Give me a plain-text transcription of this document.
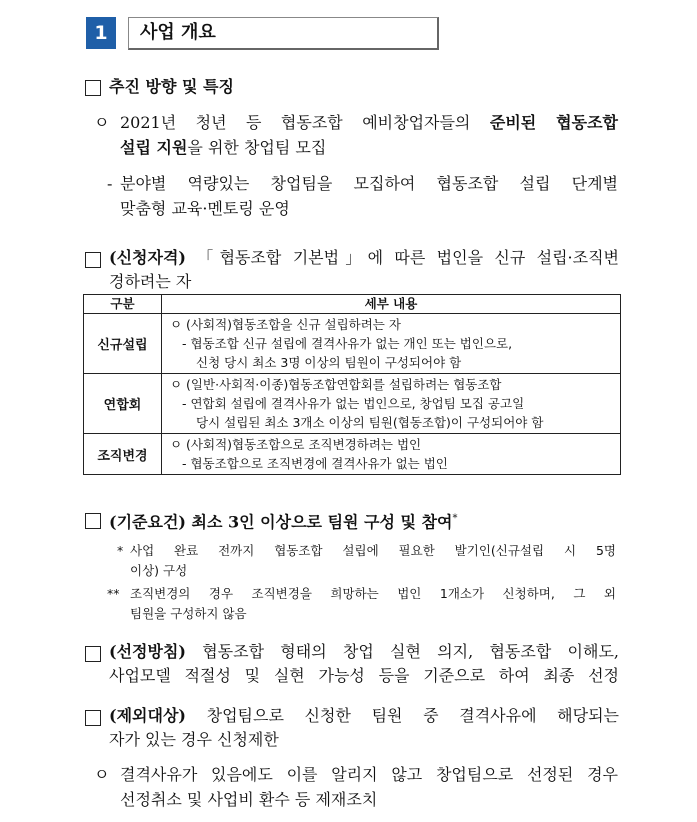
1	사업 개요
추진 방향 및 특징
ㅇ 2021년 청년 등 협동조합 예비창업자들의 준비된 협동조합
설립 지원을 위한 창업팀 모집
- 분야별 역량있는 창업팀을 모집하여 협동조합 설립 단계별
맞춤형 교육·멘토링 운영
(신청자격) 「협동조합 기본법」에 따른 법인을 신규 설립·조직변
경하려는 자
구분	세부 내용
신규설립	ㅇ (사회적)협동조합을 신규 설립하려는 자
- 협동조합 신규 설립에 결격사유가 없는 개인 또는 법인으로,
신청 당시 최소 3명 이상의 팀원이 구성되어야 함

연합회	ㅇ (일반·사회적·이종)협동조합연합회를 설립하려는 협동조합
- 연합회 설립에 결격사유가 없는 법인으로, 창업팀 모집 공고일
당시 설립된 최소 3개소 이상의 팀원(협동조합)이 구성되어야 함

조직변경	ㅇ (사회적)협동조합으로 조직변경하려는 법인
- 협동조합으로 조직변경에 결격사유가 없는 법인
(기준요건) 최소 3인 이상으로 팀원 구성 및 참여*
* 사업 완료 전까지 협동조합 설립에 필요한 발기인(신규설립 시 5명
이상) 구성
** 조직변경의 경우 조직변경을 희망하는 법인 1개소가 신청하며, 그 외
팀원을 구성하지 않음
(선정방침) 협동조합 형태의 창업 실현 의지, 협동조합 이해도,
사업모델 적절성 및 실현 가능성 등을 기준으로 하여 최종 선정
(제외대상) 창업팀으로 신청한 팀원 중 결격사유에 해당되는
자가 있는 경우 신청제한
ㅇ 결격사유가 있음에도 이를 알리지 않고 창업팀으로 선정된 경우
선정취소 및 사업비 환수 등 제재조치
